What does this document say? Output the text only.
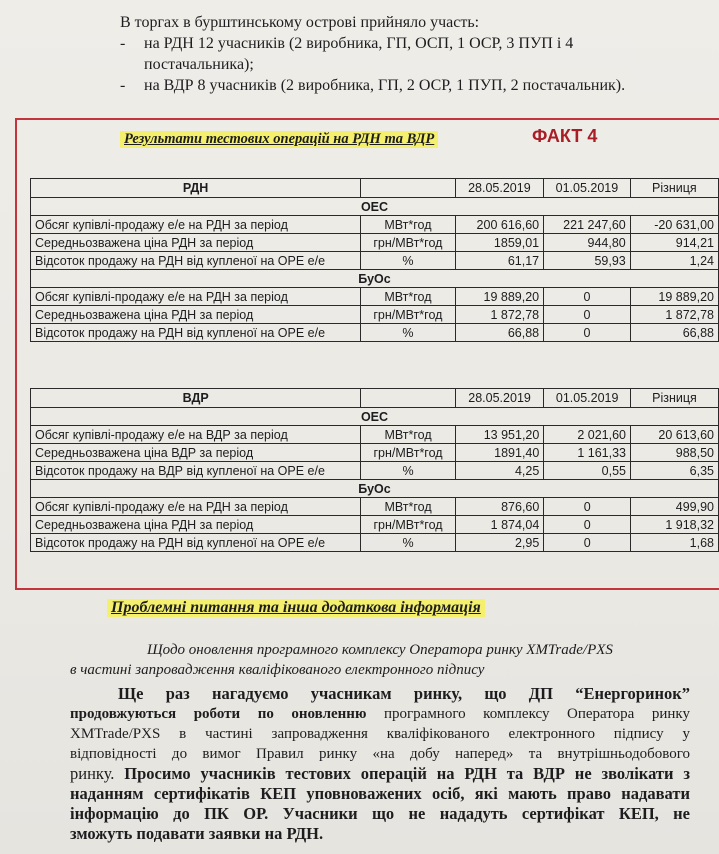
В торгах в бурштинському острові прийняло участь:
- на РДН 12 учасників (2 виробника, ГП, ОСП, 1 ОСР, 3 ПУП і 4
постачальника);
- на ВДР 8 учасників (2 виробника, ГП, 2 ОСР, 1 ПУП, 2 постачальник).
Результати тестових операцій на РДН та ВДР	ФАКТ 4
РДН		28.05.2019	01.05.2019	Різниця
ОЕС				
Обсяг купівлі-продажу е/е на РДН за період	МВт*год	200 616,60	221 247,60	-20 631,00
Середньозважена ціна РДН за період	грн/МВт*год	1859,01	944,80	914,21
Відсоток продажу на РДН від купленої на ОРЕ е/е	%	61,17	59,93	1,24
БуОс				
Обсяг купівлі-продажу е/е на РДН за період	МВт*год	19 889,20	0	19 889,20
Середньозважена ціна РДН за період	грн/МВт*год	1 872,78	0	1 872,78
Відсоток продажу на РДН від купленої на ОРЕ е/е	%	66,88	0	66,88
ВДР		28.05.2019	01.05.2019	Різниця
ОЕС				
Обсяг купівлі-продажу е/е на ВДР за період	МВт*год	13 951,20	2 021,60	20 613,60
Середньозважена ціна ВДР за період	грн/МВт*год	1891,40	1 161,33	988,50
Відсоток продажу на ВДР від купленої на ОРЕ е/е	%	4,25	0,55	6,35
БуОс				
Обсяг купівлі-продажу е/е на РДН за період	МВт*год	876,60	0	499,90
Середньозважена ціна РДН за період	грн/МВт*год	1 874,04	0	1 918,32
Відсоток продажу на РДН від купленої на ОРЕ е/е	%	2,95	0	1,68
Проблемні питання та інша додаткова інформація
Щодо оновлення програмного комплексу Оператора ринку XMTrade/PXS
в частині запровадження кваліфікованого електронного підпису
Ще раз нагадуємо учасникам ринку, що ДП “Енергоринок”
продовжуються роботи по оновленню програмного комплексу Оператора ринку
XMTrade/PXS в частині запровадження кваліфікованого електронного підпису у
відповідності до вимог Правил ринку «на добу наперед» та внутрішньодобового
ринку. Просимо учасників тестових операцій на РДН та ВДР не зволікати з
наданням сертифікатів КЕП уповноважених осіб, які мають право надавати
інформацію до ПК ОР. Учасники що не нададуть сертифікат КЕП, не
зможуть подавати заявки на РДН.
